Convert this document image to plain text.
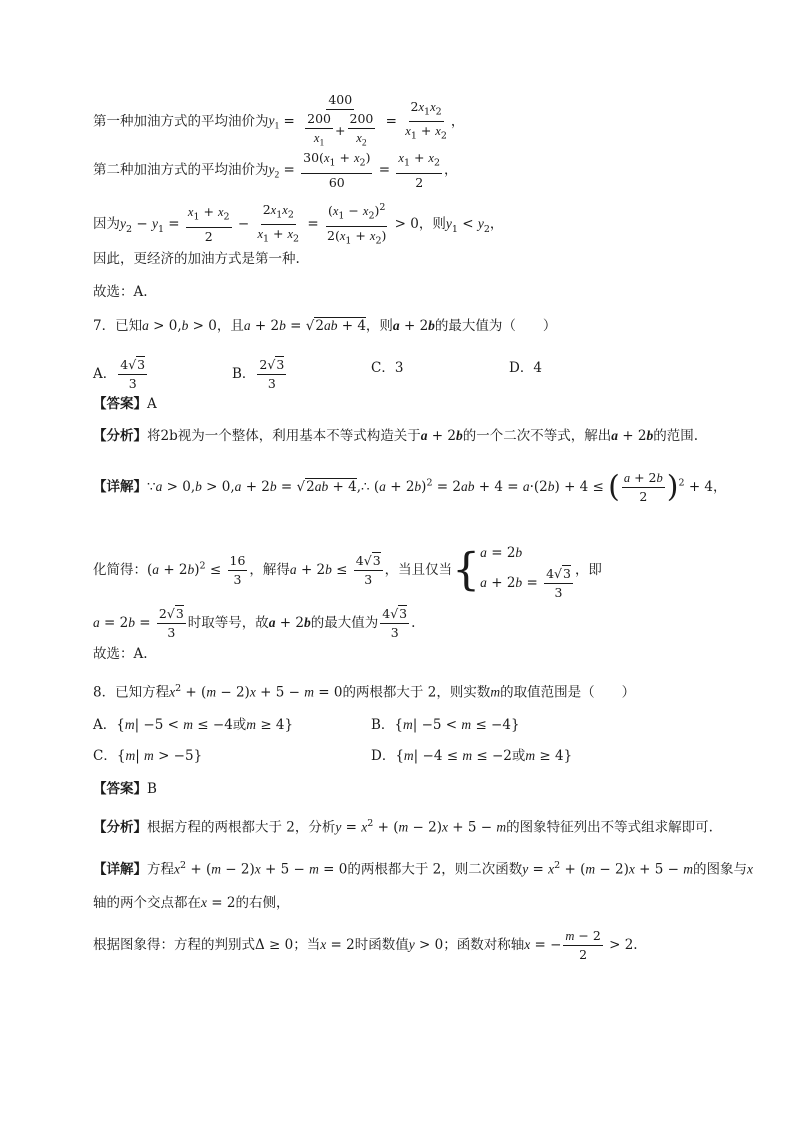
第一种加油方式的平均油价为$y_1 = \frac{400}{\frac{200}{x_1} + \frac{200}{x_2}} = \frac{2x_1x_2}{x_1 + x_2}$ ，
第二种加油方式的平均油价为$y_2 = \frac{30(x_1 + x_2)}{60} = \frac{x_1 + x_2}{2}$ ，
因为$y_2 - y_1 = \frac{x_1 + x_2}{2} - \frac{2x_1x_2}{x_1 + x_2} = \frac{(x_1 - x_2)^2}{2(x_1 + x_2)} > 0$，则$y_1 < y_2$，
因此，更经济的加油方式是第一种.
故选：A.
7．已知a > 0,b > 0，且a + 2b = √2ab + 4，则a + 2b的最大值为（　　）
A． $\frac{4√3}{3}$	B． $\frac{2√3}{3}$	C．3	D．4
【答案】A
【分析】将2b视为一个整体，利用基本不等式构造关于a + 2b的一个二次不等式，解出a + 2b的范围.
【详解】∵a > 0,b > 0,a + 2b = √2ab + 4,∴ $(a + 2b)^2 = 2ab + 4 = a\cdot(2b) + 4$ ≤ ( $\frac{a + 2b}{2} )^2 + 4$，
化简得：$(a + 2b)^2 \le \frac{16}{3}$ ，解得$a + 2b \le \frac{4√3}{3}$ ，当且仅当{ a = 2b
$a + 2b = \frac{4√3}{3}$ ，即
$a = 2b = \frac{2√3}{3}$ 时取等号，故a + 2b的最大值为 $\frac{4√3}{3}$ .
故选：A.
8．已知方程$x^2 + (m - 2)x + 5 - m = 0$的两根都大于 2，则实数m的取值范围是（　　）
A．{m| −5 < m ≤ −4或m ≥ 4}	B．{m| −5 < m ≤ −4}
C．{m| m > −5}	D．{m| −4 ≤ m ≤ −2或m ≥ 4}
【答案】B
【分析】根据方程的两根都大于 2，分析$y = x^2 + (m - 2)x + 5 - m$的图象特征列出不等式组求解即可.
【详解】方程$x^2 + (m - 2)x + 5 - m = 0$的两根都大于 2，则二次函数$y = x^2 + (m - 2)x + 5 - m$的图象与x
轴的两个交点都在x = 2的右侧，
根据图象得：方程的判别式Δ ≥ 0；当x = 2时函数值y > 0；函数对称轴x = − $\frac{m - 2}{2} > 2$.
